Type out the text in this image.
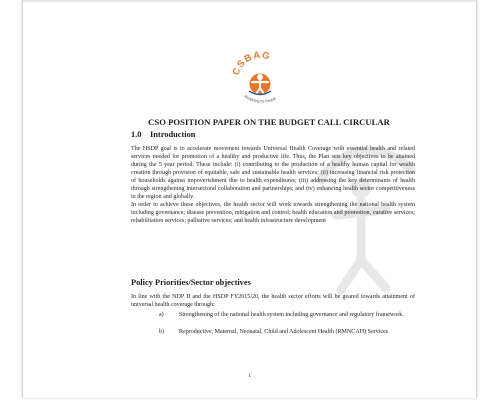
CSBAG
Budgeting for People
CSO POSITION PAPER ON THE BUDGET CALL CIRCULAR
1.0 Introduction

The HSDP goal is to accelerate movement towards Universal Health Coverage with essential health and related services needed for promotion of a healthy and productive life. Thus, the Plan sets key objectives to be attained during the 5 year period. These include: (i) contributing to the production of a healthy human capital for wealth creation through provision of equitable, safe and sustainable health services; (ii) increasing financial risk protection of households against impoverishment due to health expenditures; (iii) addressing the key determinants of health through strengthening intersectoral collaboration and partnerships; and (iv) enhancing health sector competitiveness in the region and globally.

In order to achieve these objectives, the health sector will work towards strengthening the national health system including governance; disease prevention, mitigation and control; health education and promotion, curative services; rehabilitation services; palliative services; and health infrastructure development

Policy Priorities/Sector objectives
In line with the NDP II and the HSDP FY2015/20, the health sector efforts will be geared towards attainment of universal health coverage through:
a)	Strengthening of the national health system including governance and regulatory framework.
b) Reproductive, Maternal, Neonatal, Child and Adolescent Health (RMNCAH) Services
1
